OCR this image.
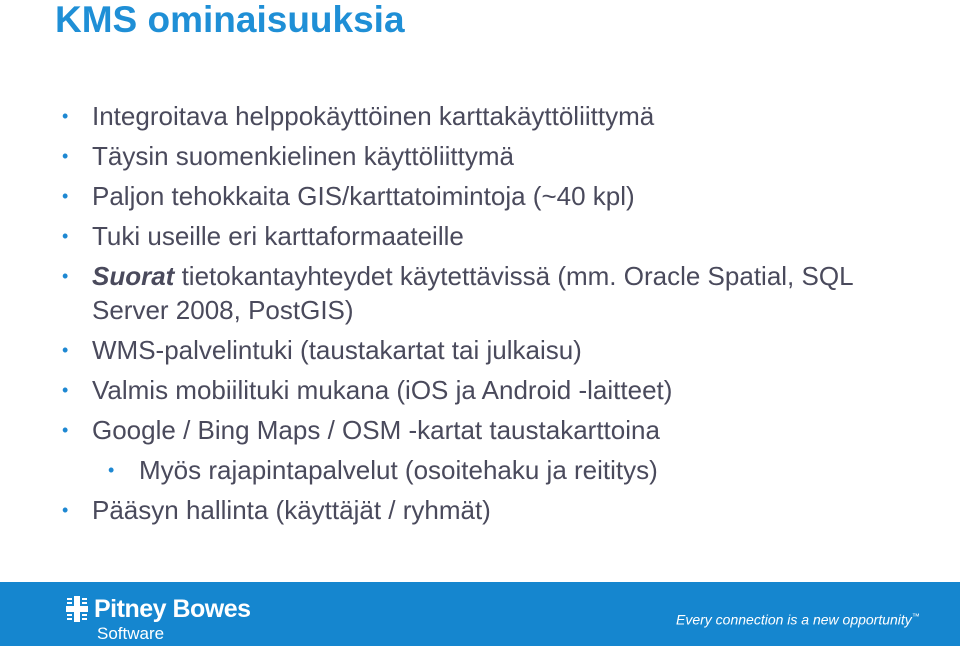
KMS ominaisuuksia
• Integroitava helppokäyttöinen karttakäyttöliittymä
• Täysin suomenkielinen käyttöliittymä
• Paljon tehokkaita GIS/karttatoimintoja (~40 kpl)
• Tuki useille eri karttaformaateille
• Suorat tietokantayhteydet käytettävissä (mm. Oracle Spatial, SQL Server 2008, PostGIS)
• WMS-palvelintuki (taustakartat tai julkaisu)
• Valmis mobiilituki mukana (iOS ja Android -laitteet)
• Google / Bing Maps / OSM -kartat taustakarttoina
• Myös rajapintapalvelut (osoitehaku ja reititys)
• Pääsyn hallinta (käyttäjät / ryhmät)
Pitney Bowes
Software
Every connection is a new opportunity™
